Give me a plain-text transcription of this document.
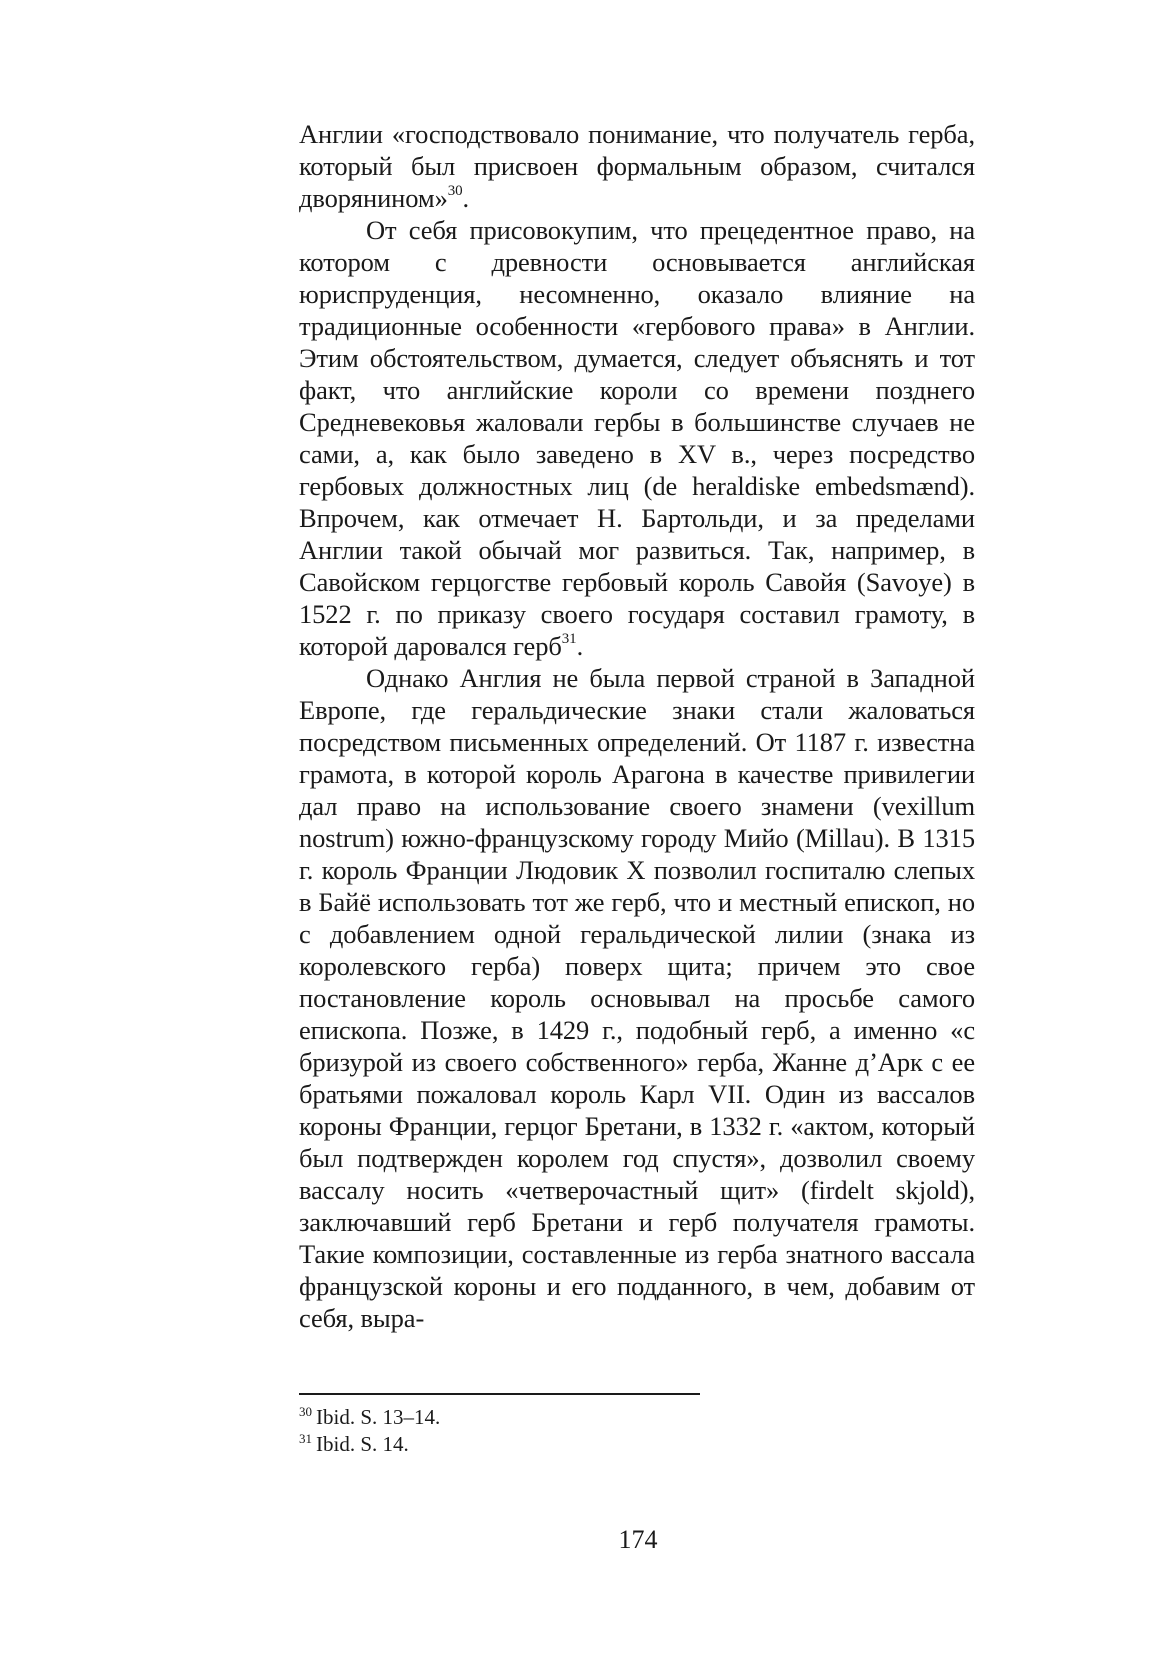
Англии «господствовало понимание, что получатель герба, который был присвоен формальным образом, считался дворянином»$^{30}$.

От себя присовокупим, что прецедентное право, на котором с древности основывается английская юриспруденция, несомненно, оказало влияние на традиционные особенности «гербового права» в Англии. Этим обстоятельством, думается, следует объяснять и тот факт, что английские короли со времени позднего Средневековья жаловали гербы в большинстве случаев не сами, а, как было заведено в XV в., через посредство гербовых должностных лиц (de heraldiske embedsmænd). Впрочем, как отмечает Н. Бартольди, и за пределами Англии такой обычай мог развиться. Так, например, в Савойском герцогстве гербовый король Савойя (Savoye) в 1522 г. по приказу своего государя составил грамоту, в которой даровался герб$^{31}$.

Однако Англия не была первой страной в Западной Европе, где геральдические знаки стали жаловаться посредством письменных определений. От 1187 г. известна грамота, в которой король Арагона в качестве привилегии дал право на использование своего знамени (vexillum nostrum) южно-французскому городу Мийо (Millau). В 1315 г. король Франции Людовик X позволил госпиталю слепых в Байё использовать тот же герб, что и местный епископ, но с добавлением одной геральдической лилии (знака из королевского герба) поверх щита; причем это свое постановление король основывал на просьбе самого епископа. Позже, в 1429 г., подобный герб, а именно «с бризурой из своего собственного» герба, Жанне д’Арк с ее братьями пожаловал король Карл VII. Один из вассалов короны Франции, герцог Бретани, в 1332 г. «актом, который был подтвержден королем год спустя», дозволил своему вассалу носить «четверочастный щит» (firdelt skjold), заключавший герб Бретани и герб получателя грамоты. Такие композиции, составленные из герба знатного вассала французской короны и его подданного, в чем, добавим от себя, выра-

$^{30}$ Ibid. S. 13–14.
$^{31}$ Ibid. S. 14.
174
